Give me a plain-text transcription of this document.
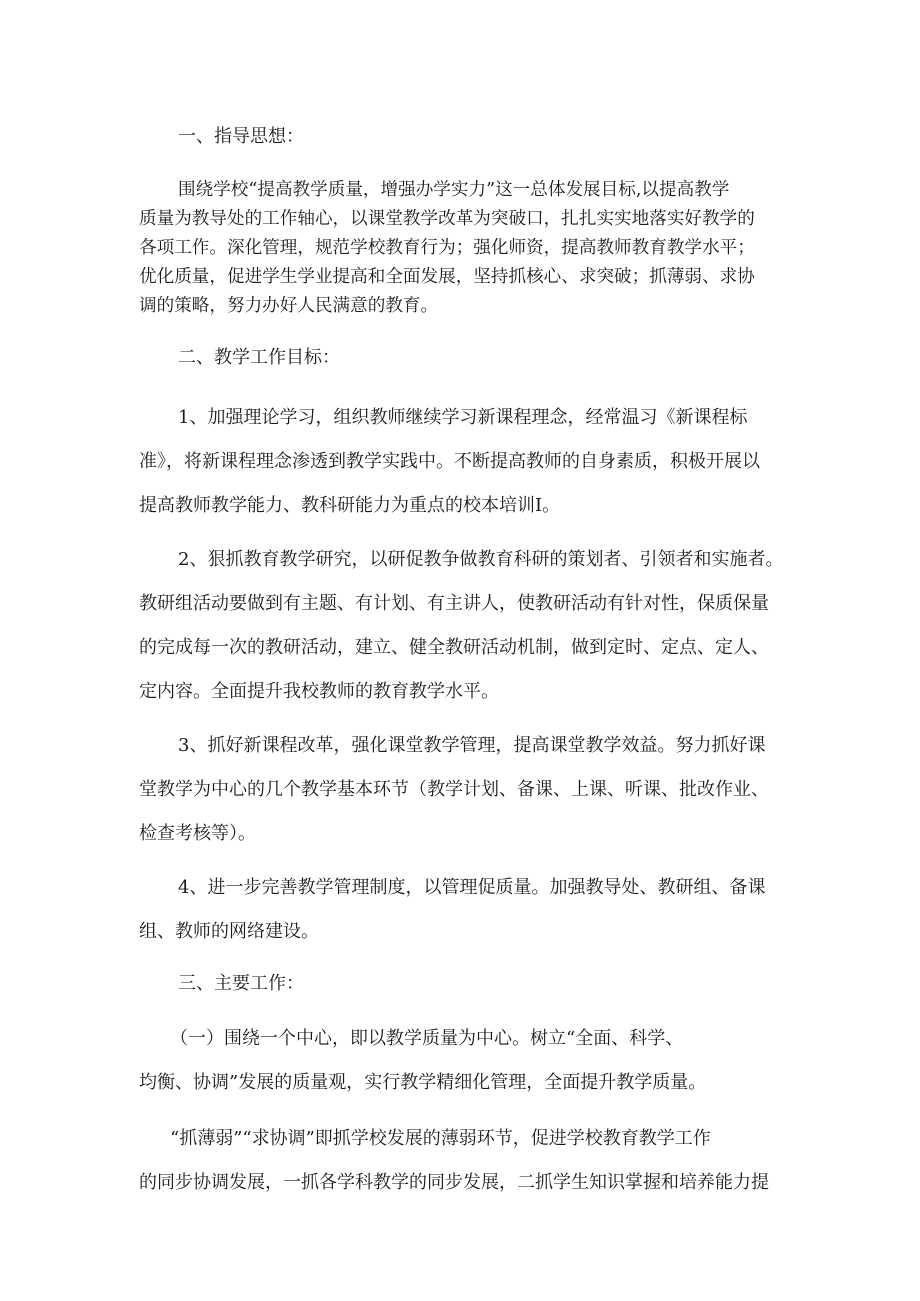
一、指导思想：
围绕学校“提高教学质量，增强办学实力”这一总体发展目标,以提高教学
质量为教导处的工作轴心，以课堂教学改革为突破口，扎扎实实地落实好教学的
各项工作。深化管理，规范学校教育行为；强化师资，提高教师教育教学水平；
优化质量，促进学生学业提高和全面发展，坚持抓核心、求突破；抓薄弱、求协
调的策略，努力办好人民满意的教育。
二、教学工作目标：
1、加强理论学习，组织教师继续学习新课程理念，经常温习《新课程标
准》，将新课程理念渗透到教学实践中。不断提高教师的自身素质，积极开展以
提高教师教学能力、教科研能力为重点的校本培训Ⅰ。
2、狠抓教育教学研究，以研促教争做教育科研的策划者、引领者和实施者。
教研组活动要做到有主题、有计划、有主讲人，使教研活动有针对性，保质保量
的完成每一次的教研活动，建立、健全教研活动机制，做到定时、定点、定人、
定内容。全面提升我校教师的教育教学水平。
3、抓好新课程改革，强化课堂教学管理，提高课堂教学效益。努力抓好课
堂教学为中心的几个教学基本环节（教学计划、备课、上课、听课、批改作业、
检查考核等）。
4、进一步完善教学管理制度，以管理促质量。加强教导处、教研组、备课
组、教师的网络建设。
三、主要工作：
（一）围绕一个中心，即以教学质量为中心。树立“全面、科学、
均衡、协调”发展的质量观，实行教学精细化管理，全面提升教学质量。
“抓薄弱”“求协调”即抓学校发展的薄弱环节，促进学校教育教学工作
的同步协调发展，一抓各学科教学的同步发展，二抓学生知识掌握和培养能力提
